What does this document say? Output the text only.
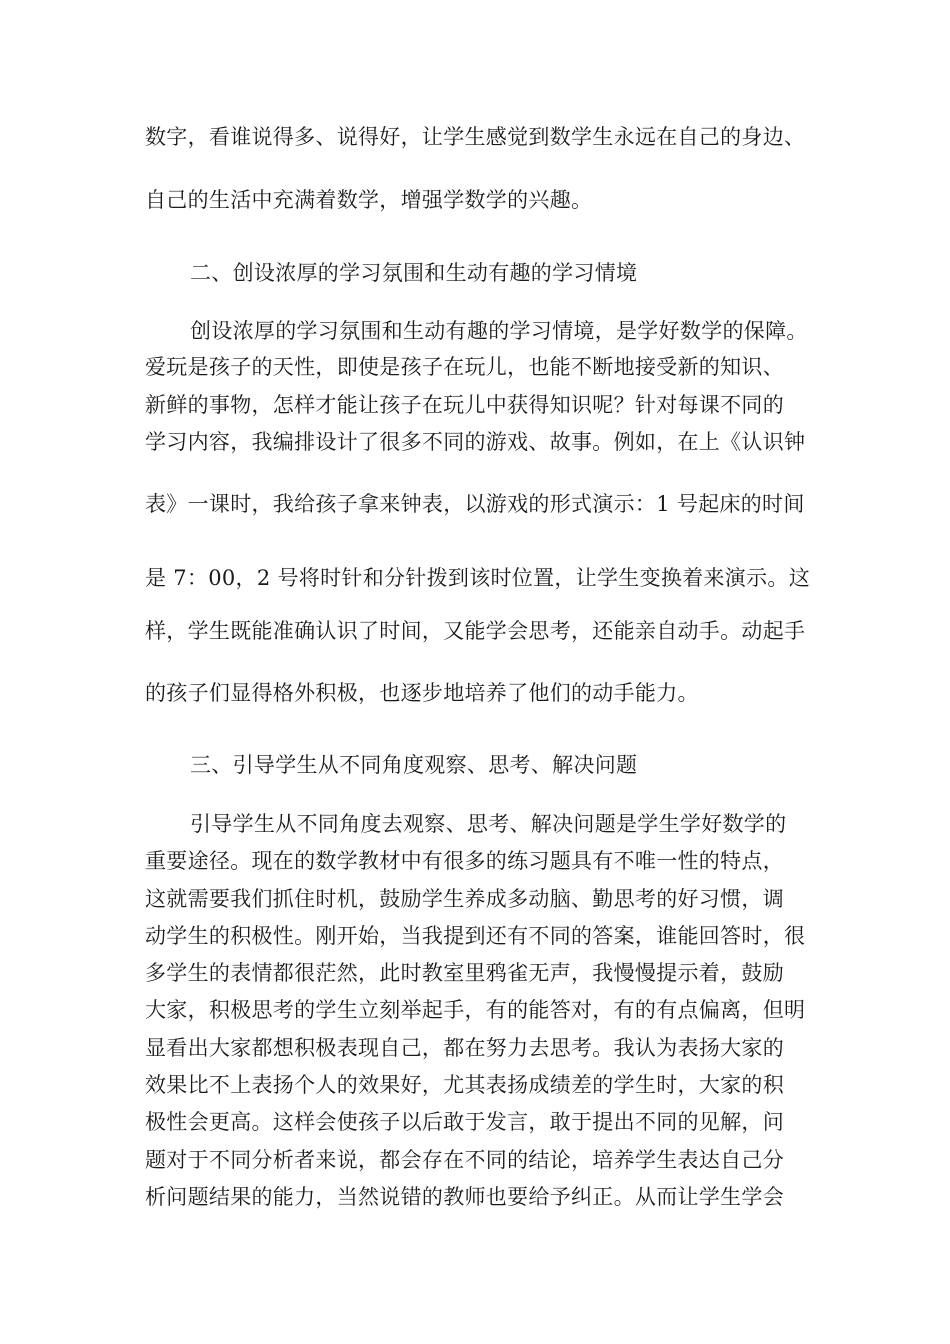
数字，看谁说得多、说得好，让学生感觉到数学生永远在自己的身边、
自己的生活中充满着数学，增强学数学的兴趣。
二、创设浓厚的学习氛围和生动有趣的学习情境
创设浓厚的学习氛围和生动有趣的学习情境，是学好数学的保障。
爱玩是孩子的天性，即使是孩子在玩儿，也能不断地接受新的知识、
新鲜的事物，怎样才能让孩子在玩儿中获得知识呢？针对每课不同的
学习内容，我编排设计了很多不同的游戏、故事。例如，在上《认识钟
表》一课时，我给孩子拿来钟表，以游戏的形式演示：1 号起床的时间
是 7：00，2 号将时针和分针拨到该时位置，让学生变换着来演示。这
样，学生既能准确认识了时间，又能学会思考，还能亲自动手。动起手
的孩子们显得格外积极，也逐步地培养了他们的动手能力。
三、引导学生从不同角度观察、思考、解决问题
引导学生从不同角度去观察、思考、解决问题是学生学好数学的
重要途径。现在的数学教材中有很多的练习题具有不唯一性的特点，
这就需要我们抓住时机，鼓励学生养成多动脑、勤思考的好习惯，调
动学生的积极性。刚开始，当我提到还有不同的答案，谁能回答时，很
多学生的表情都很茫然，此时教室里鸦雀无声，我慢慢提示着，鼓励
大家，积极思考的学生立刻举起手，有的能答对，有的有点偏离，但明
显看出大家都想积极表现自己，都在努力去思考。我认为表扬大家的
效果比不上表扬个人的效果好，尤其表扬成绩差的学生时，大家的积
极性会更高。这样会使孩子以后敢于发言，敢于提出不同的见解，问
题对于不同分析者来说，都会存在不同的结论，培养学生表达自己分
析问题结果的能力，当然说错的教师也要给予纠正。从而让学生学会
